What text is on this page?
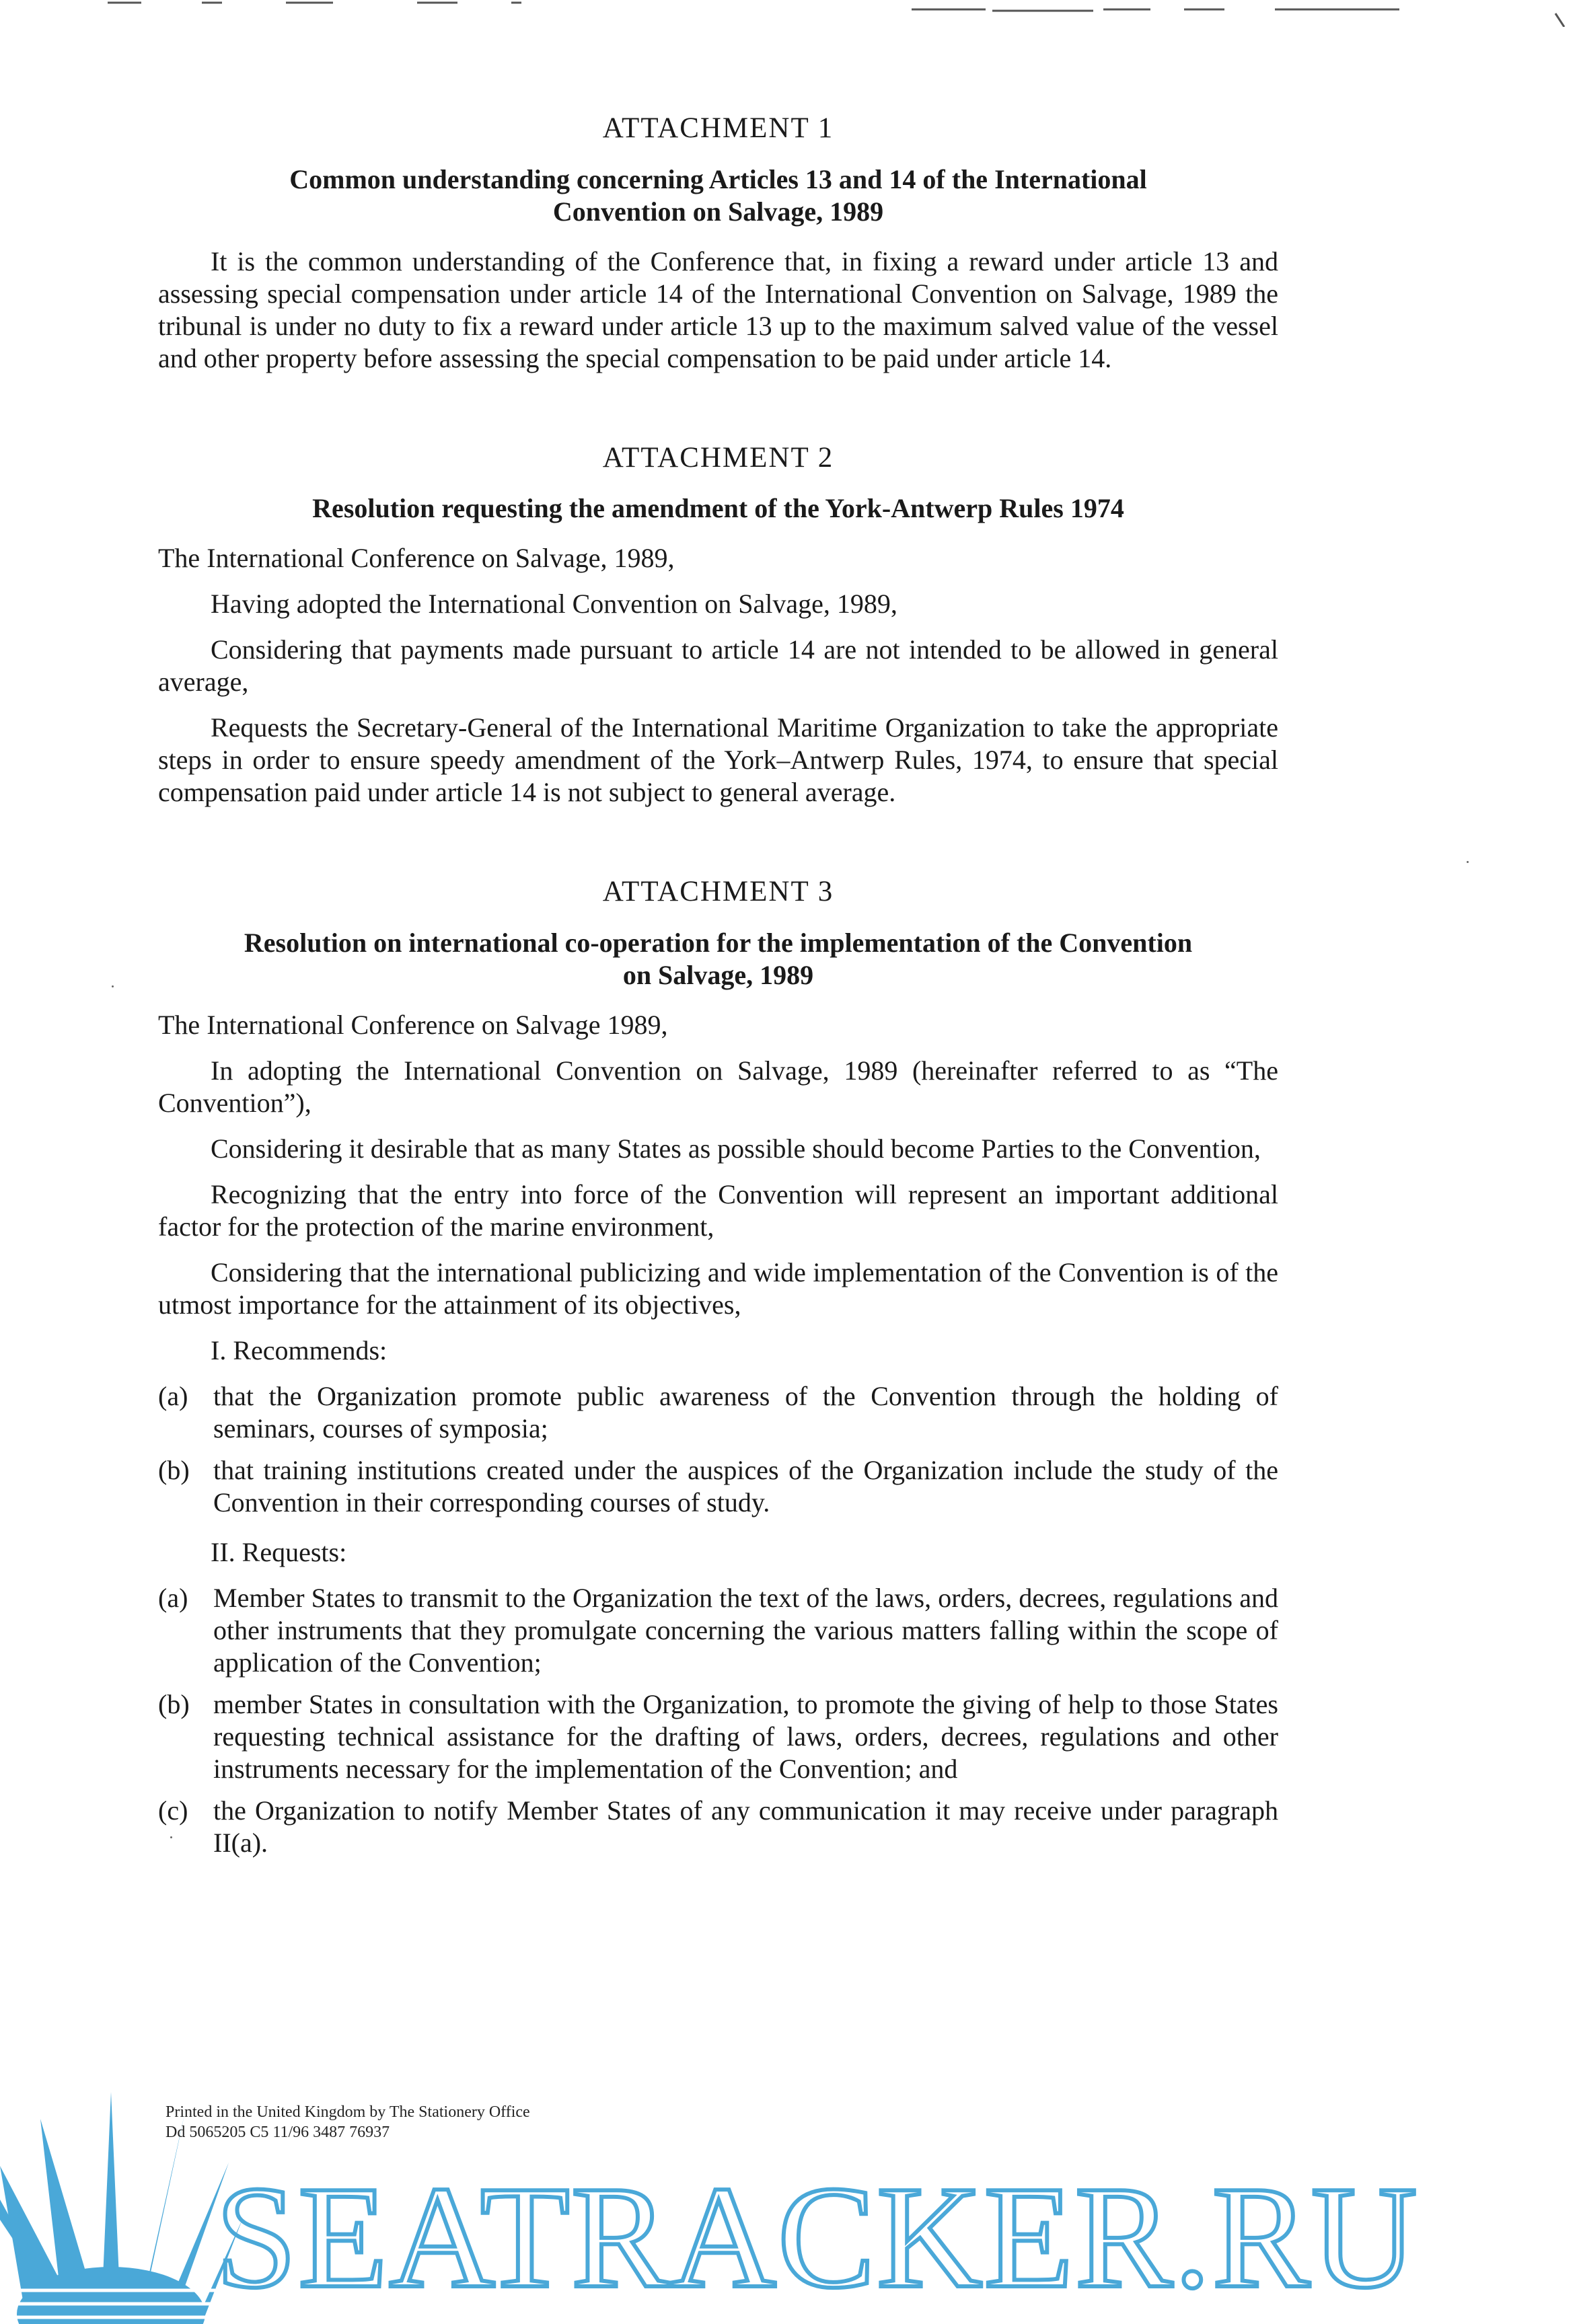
ATTACHMENT 1
Common understanding concerning Articles 13 and 14 of the International
Convention on Salvage, 1989

It is the common understanding of the Conference that, in fixing a reward under article 13 and assessing special compensation under article 14 of the International Convention on Salvage, 1989 the tribunal is under no duty to fix a reward under article 13 up to the maximum salved value of the vessel and other property before assessing the special compensation to be paid under article 14.

ATTACHMENT 2
Resolution requesting the amendment of the York-Antwerp Rules 1974

The International Conference on Salvage, 1989,

Having adopted the International Convention on Salvage, 1989,

Considering that payments made pursuant to article 14 are not intended to be allowed in general average,

Requests the Secretary-General of the International Maritime Organization to take the appropriate steps in order to ensure speedy amendment of the York–Antwerp Rules, 1974, to ensure that special compensation paid under article 14 is not subject to general average.

ATTACHMENT 3
Resolution on international co-operation for the implementation of the Convention
on Salvage, 1989

The International Conference on Salvage 1989,

In adopting the International Convention on Salvage, 1989 (hereinafter referred to as “The Convention”),

Considering it desirable that as many States as possible should become Parties to the Convention,

Recognizing that the entry into force of the Convention will represent an important additional factor for the protection of the marine environment,

Considering that the international publicizing and wide implementation of the Convention is of the utmost importance for the attainment of its objectives,

I. Recommends:
(a) that the Organization promote public awareness of the Convention through the holding of seminars, courses of symposia;
(b) that training institutions created under the auspices of the Organization include the study of the Convention in their corresponding courses of study.
II. Requests:
(a) Member States to transmit to the Organization the text of the laws, orders, decrees, regulations and other instruments that they promulgate concerning the various matters falling within the scope of application of the Convention;
(b) member States in consultation with the Organization, to promote the giving of help to those States requesting technical assistance for the drafting of laws, orders, decrees, regulations and other instruments necessary for the implementation of the Convention; and
(c) the Organization to notify Member States of any communication it may receive under paragraph II(a).
SEATRACKER.RU
Printed in the United Kingdom by The Stationery Office
Dd 5065205 C5 11/96 3487 76937
